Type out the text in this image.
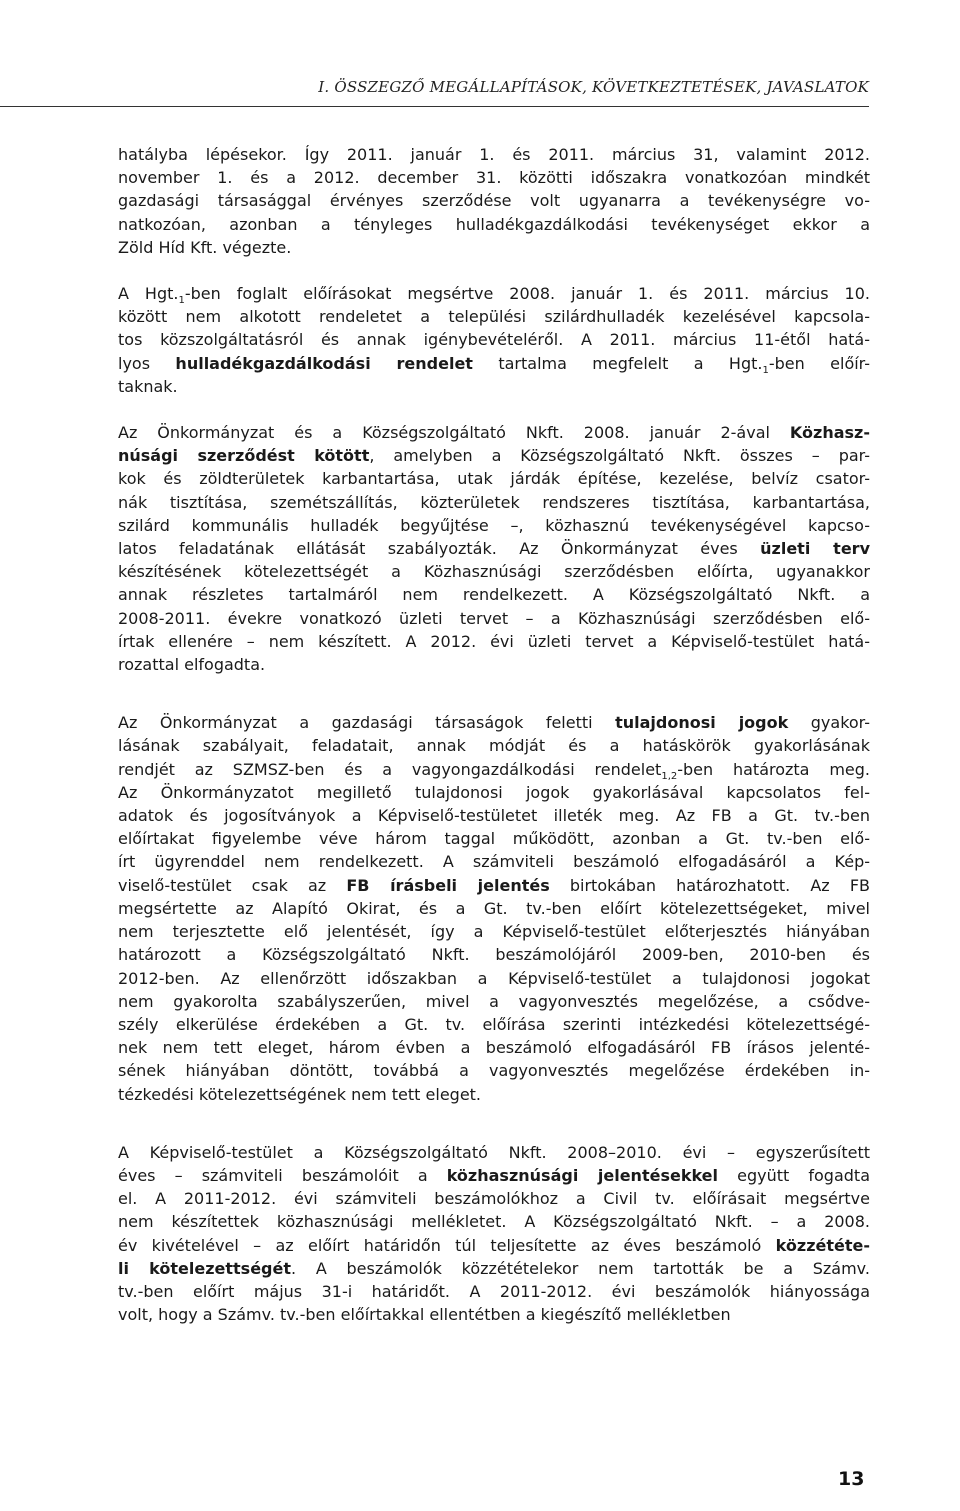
I. ÖSSZEGZŐ MEGÁLLAPÍTÁSOK, KÖVETKEZTETÉSEK, JAVASLATOK

hatályba lépésekor. Így 2011. január 1. és 2011. március 31, valamint 2012.
november 1. és a 2012. december 31. közötti időszakra vonatkozóan mindkét
gazdasági társasággal érvényes szerződése volt ugyanarra a tevékenységre vo-
natkozóan, azonban a tényleges hulladékgazdálkodási tevékenységet ekkor a
Zöld Híd Kft. végezte.

A $Hgt._1$-ben foglalt előírásokat megsértve 2008. január 1. és 2011. március 10.
között nem alkotott rendeletet a települési szilárdhulladék kezelésével kapcsola-
tos közszolgáltatásról és annak igénybevételéről. A 2011. március 11-étől hatá-
lyos hulladékgazdálkodási rendelet tartalma megfelelt a $Hgt._1$-ben előír-
taknak.

Az Önkormányzat és a Községszolgáltató Nkft. 2008. január 2-ával Közhasz-
núsági szerződést kötött, amelyben a Községszolgáltató Nkft. összes – par-
kok és zöldterületek karbantartása, utak járdák építése, kezelése, belvíz csator-
nák tisztítása, szemétszállítás, közterületek rendszeres tisztítása, karbantartása,
szilárd kommunális hulladék begyűjtése –, közhasznú tevékenységével kapcso-
latos feladatának ellátását szabályozták. Az Önkormányzat éves üzleti terv
készítésének kötelezettségét a Közhasznúsági szerződésben előírta, ugyanakkor
annak részletes tartalmáról nem rendelkezett. A Községszolgáltató Nkft. a
2008-2011. évekre vonatkozó üzleti tervet – a Közhasznúsági szerződésben elő-
írtak ellenére – nem készített. A 2012. évi üzleti tervet a Képviselő-testület hatá-
rozattal elfogadta.

Az Önkormányzat a gazdasági társaságok feletti tulajdonosi jogok gyakor-
lásának szabályait, feladatait, annak módját és a hatáskörök gyakorlásának
rendjét az SZMSZ-ben és a vagyongazdálkodási rendelet$_{1,2}$-ben határozta meg.
Az Önkormányzatot megillető tulajdonosi jogok gyakorlásával kapcsolatos fel-
adatok és jogosítványok a Képviselő-testületet illeték meg. Az FB a Gt. tv.-ben
előírtakat figyelembe véve három taggal működött, azonban a Gt. tv.-ben elő-
írt ügyrenddel nem rendelkezett. A számviteli beszámoló elfogadásáról a Kép-
viselő-testület csak az FB írásbeli jelentés birtokában határozhatott. Az FB
megsértette az Alapító Okirat, és a Gt. tv.-ben előírt kötelezettségeket, mivel
nem terjesztette elő jelentését, így a Képviselő-testület előterjesztés hiányában
határozott a Községszolgáltató Nkft. beszámolójáról 2009-ben, 2010-ben és
2012-ben. Az ellenőrzött időszakban a Képviselő-testület a tulajdonosi jogokat
nem gyakorolta szabályszerűen, mivel a vagyonvesztés megelőzése, a csődve-
szély elkerülése érdekében a Gt. tv. előírása szerinti intézkedési kötelezettségé-
nek nem tett eleget, három évben a beszámoló elfogadásáról FB írásos jelenté-
sének hiányában döntött, továbbá a vagyonvesztés megelőzése érdekében in-
tézkedési kötelezettségének nem tett eleget.

A Képviselő-testület a Községszolgáltató Nkft. 2008–2010. évi – egyszerűsített
éves – számviteli beszámolóit a közhasznúsági jelentésekkel együtt fogadta
el. A 2011-2012. évi számviteli beszámolókhoz a Civil tv. előírásait megsértve
nem készítettek közhasznúsági mellékletet. A Községszolgáltató Nkft. – a 2008.
év kivételével – az előírt határidőn túl teljesítette az éves beszámoló közzététe-
li kötelezettségét. A beszámolók közzétételekor nem tartották be a Számv.
tv.-ben előírt május 31-i határidőt. A 2011-2012. évi beszámolók hiányossága
volt, hogy a Számv. tv.-ben előírtakkal ellentétben a kiegészítő mellékletben

13
